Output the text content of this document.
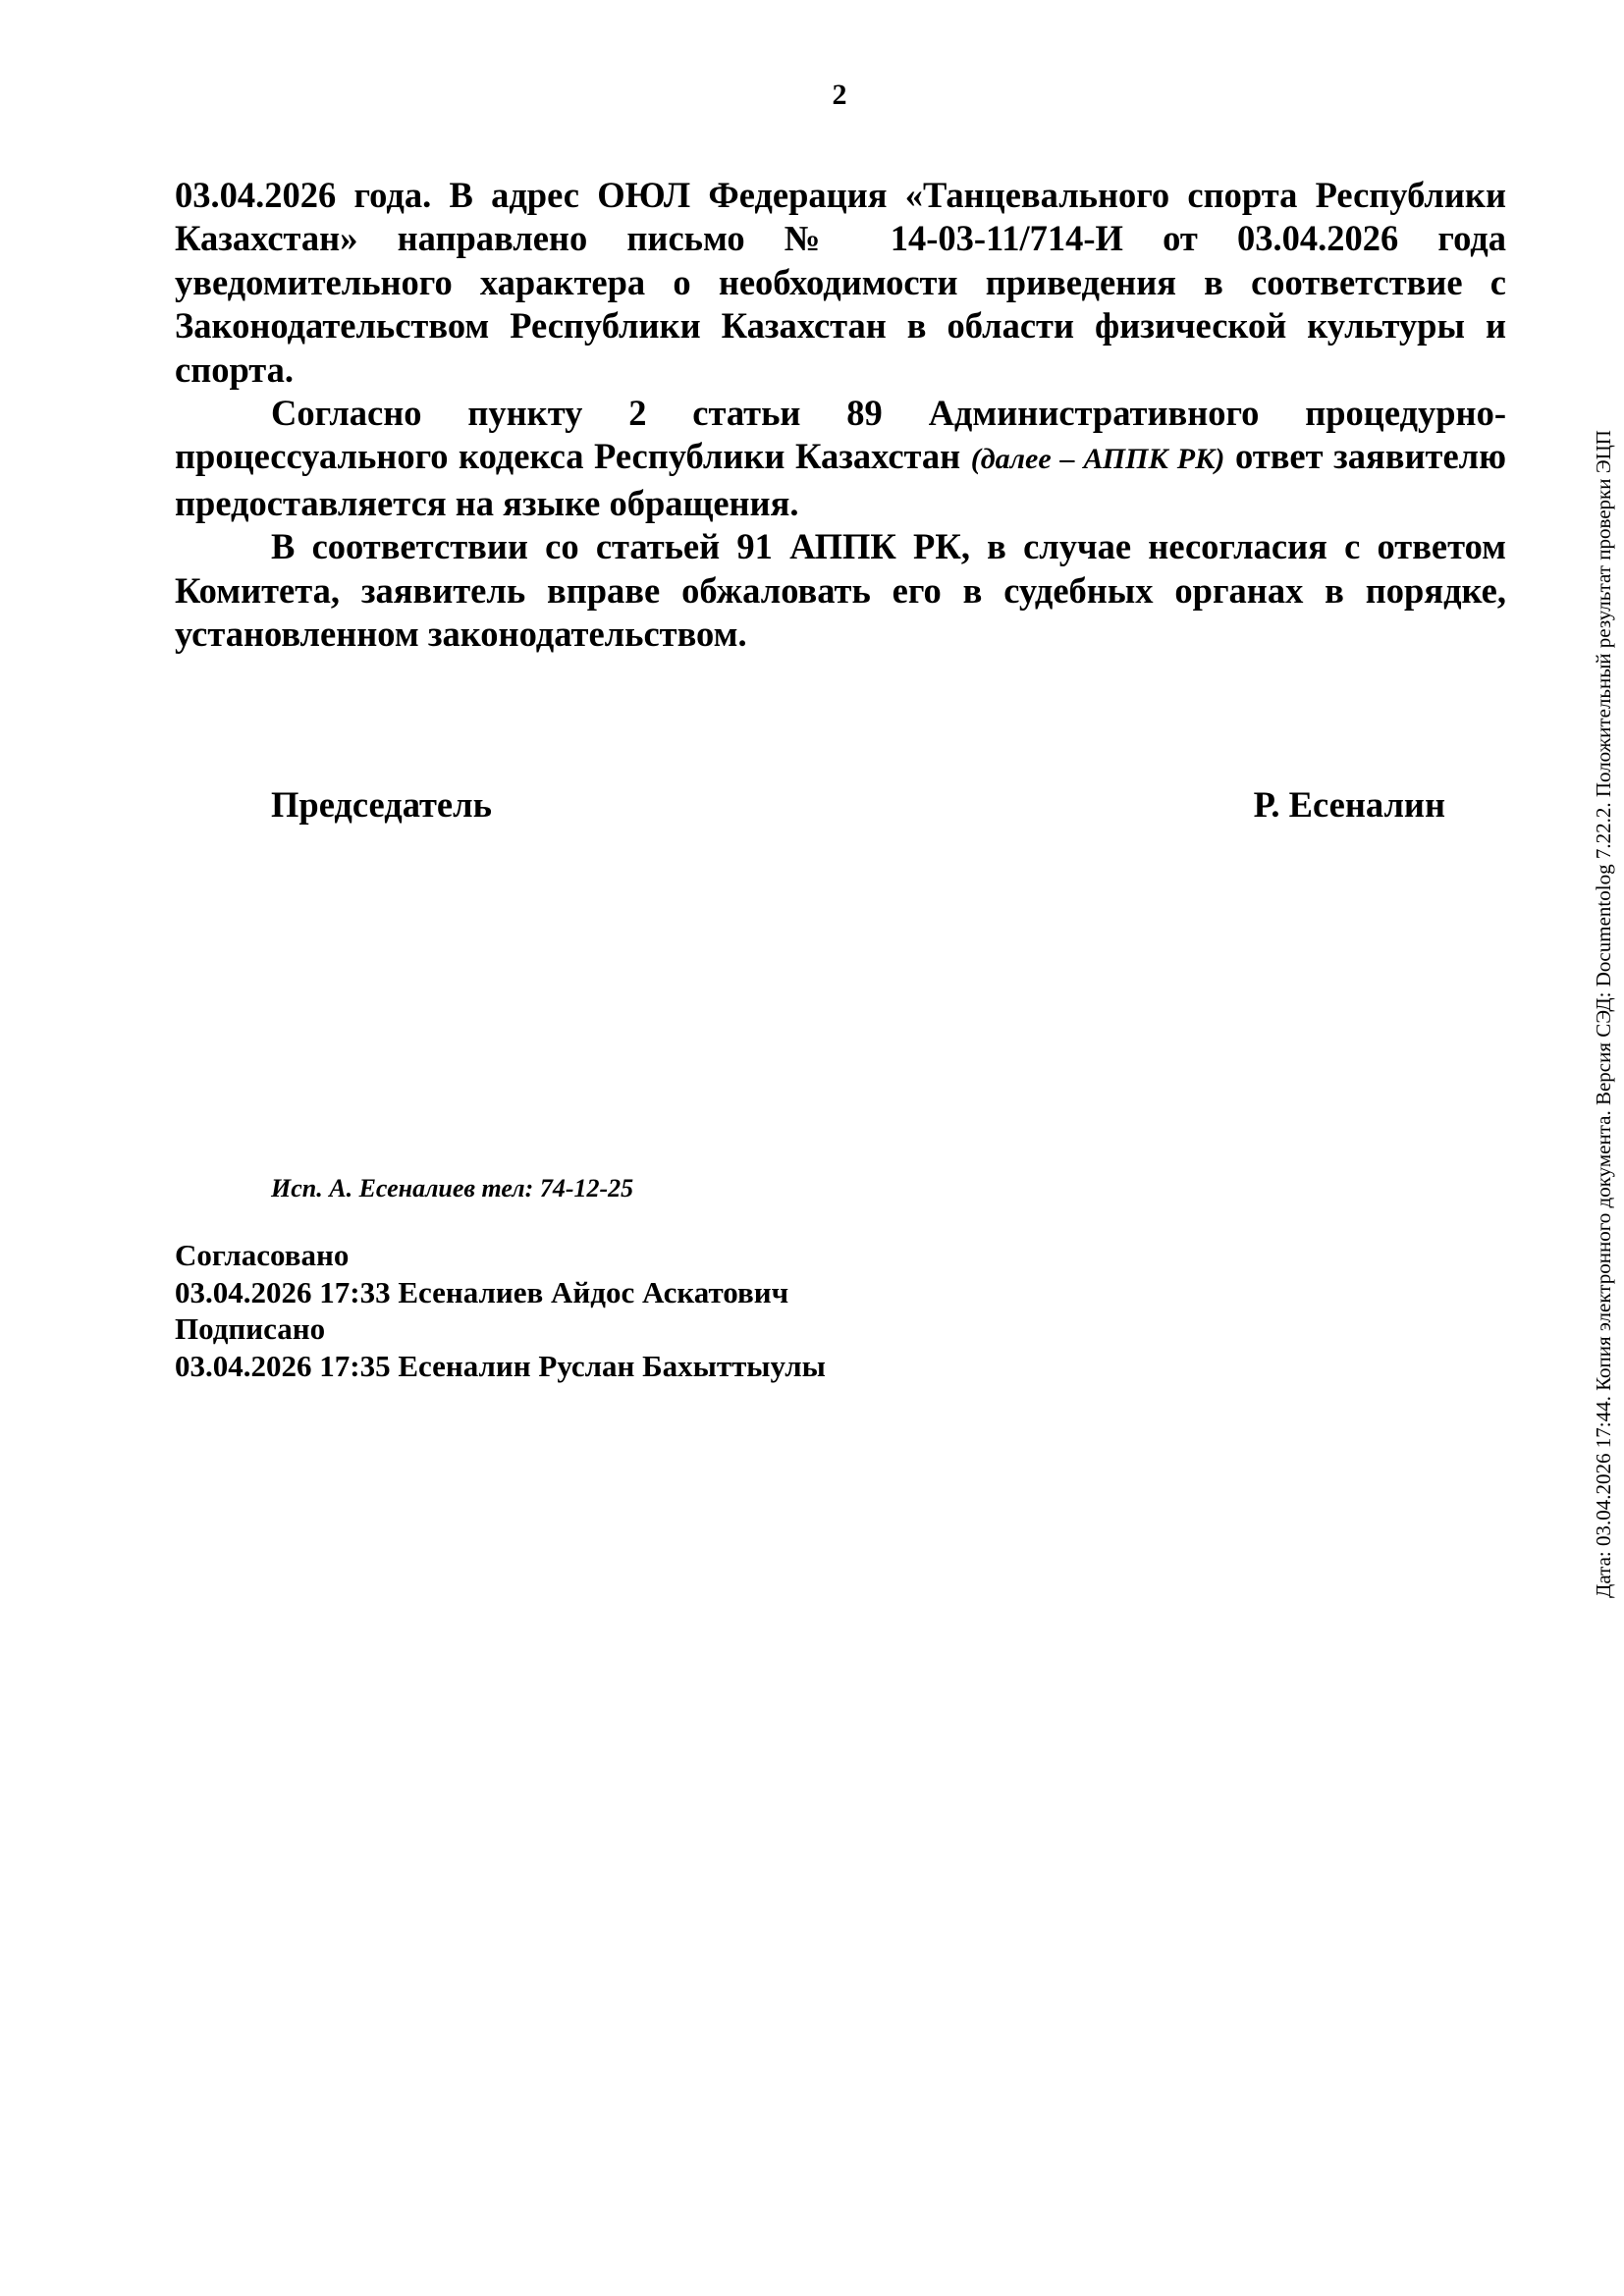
2

03.04.2026 года. В адрес ОЮЛ Федерация «Танцевального спорта Республики Казахстан» направлено письмо № 14-03-11/714-И от 03.04.2026 года уведомительного характера о необходимости приведения в соответствие с Законодательством Республики Казахстан в области физической культуры и спорта.

Согласно пункту 2 статьи 89 Административного процедурно-процессуального кодекса Республики Казахстан (далее – АППК РК) ответ заявителю предоставляется на языке обращения.

В соответствии со статьей 91 АППК РК, в случае несогласия с ответом Комитета, заявитель вправе обжаловать его в судебных органах в порядке, установленном законодательством.

Председатель	Р. Есеналин
Исп. А. Есеналиев тел: 74-12-25
Согласовано
03.04.2026 17:33 Есеналиев Айдос Аскатович
Подписано
03.04.2026 17:35 Есеналин Руслан Бахыттыулы	Дата: 03.04.2026 17:44. Копия электронного документа. Версия СЭД: Documentolog 7.22.2. Положительный результат проверки ЭЦП
